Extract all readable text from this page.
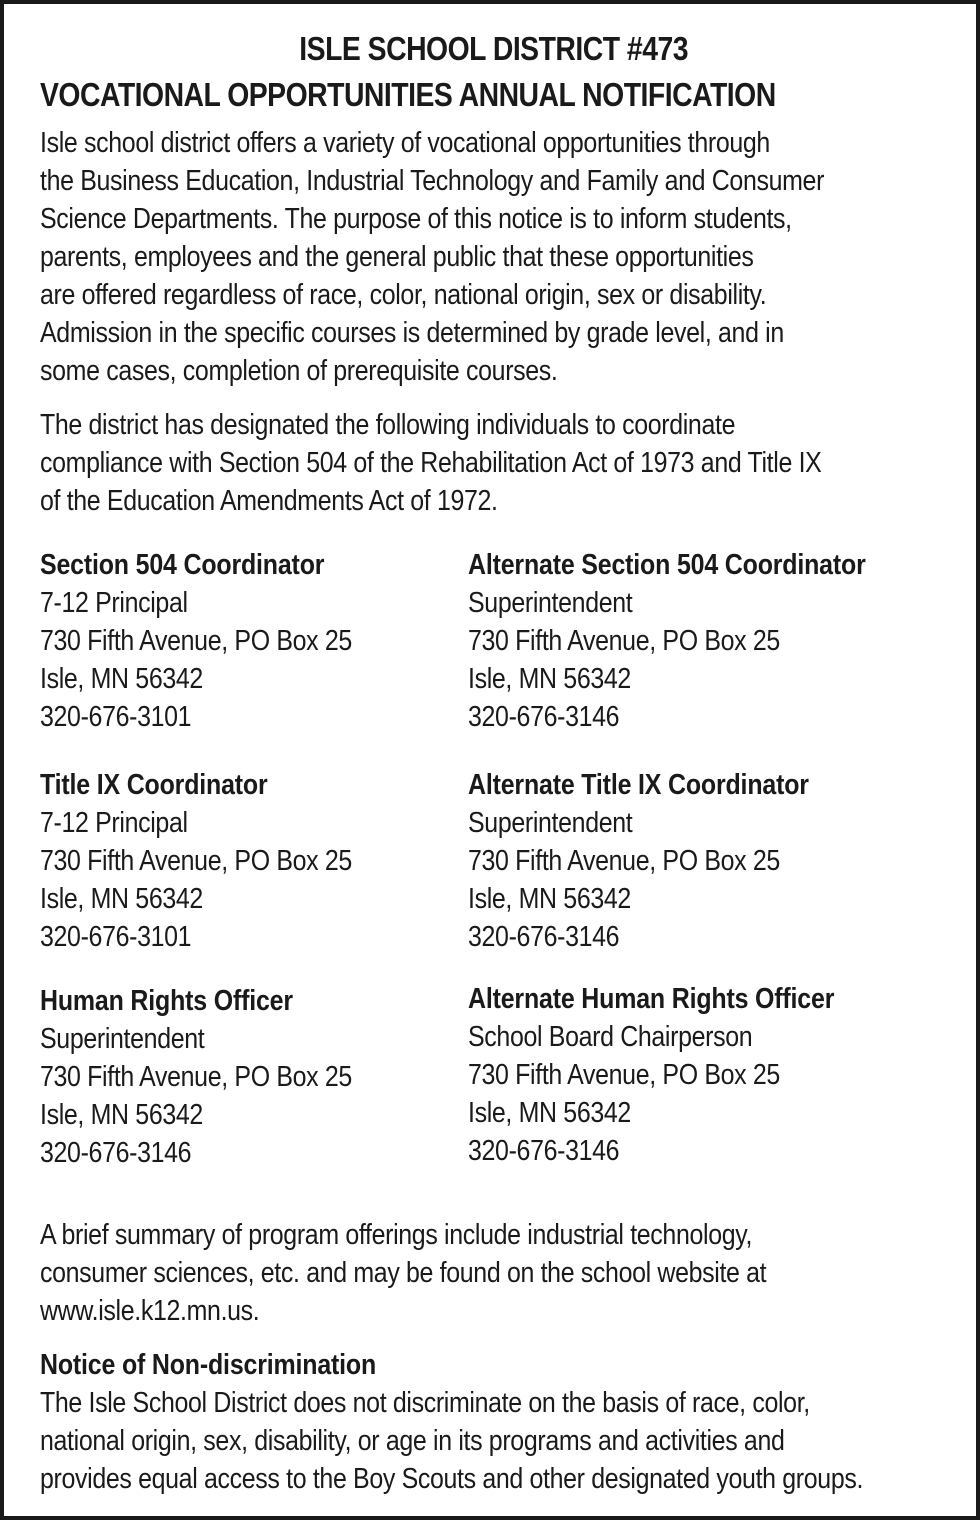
ISLE SCHOOL DISTRICT #473
VOCATIONAL OPPORTUNITIES ANNUAL NOTIFICATION
Isle school district offers a variety of vocational opportunities through
the Business Education, Industrial Technology and Family and Consumer
Science Departments. The purpose of this notice is to inform students,
parents, employees and the general public that these opportunities
are offered regardless of race, color, national origin, sex or disability.
Admission in the specific courses is determined by grade level, and in
some cases, completion of prerequisite courses.
The district has designated the following individuals to coordinate
compliance with Section 504 of the Rehabilitation Act of 1973 and Title IX
of the Education Amendments Act of 1972.
Section 504 Coordinator
7-12 Principal
730 Fifth Avenue, PO Box 25
Isle, MN 56342
320-676-3101
Alternate Section 504 Coordinator
Superintendent
730 Fifth Avenue, PO Box 25
Isle, MN 56342
320-676-3146
Title IX Coordinator
7-12 Principal
730 Fifth Avenue, PO Box 25
Isle, MN 56342
320-676-3101
Alternate Title IX Coordinator
Superintendent
730 Fifth Avenue, PO Box 25
Isle, MN 56342
320-676-3146
Human Rights Officer
Superintendent
730 Fifth Avenue, PO Box 25
Isle, MN 56342
320-676-3146
Alternate Human Rights Officer
School Board Chairperson
730 Fifth Avenue, PO Box 25
Isle, MN 56342
320-676-3146
A brief summary of program offerings include industrial technology,
consumer sciences, etc. and may be found on the school website at
www.isle.k12.mn.us.
Notice of Non-discrimination
The Isle School District does not discriminate on the basis of race, color,
national origin, sex, disability, or age in its programs and activities and
provides equal access to the Boy Scouts and other designated youth groups.
